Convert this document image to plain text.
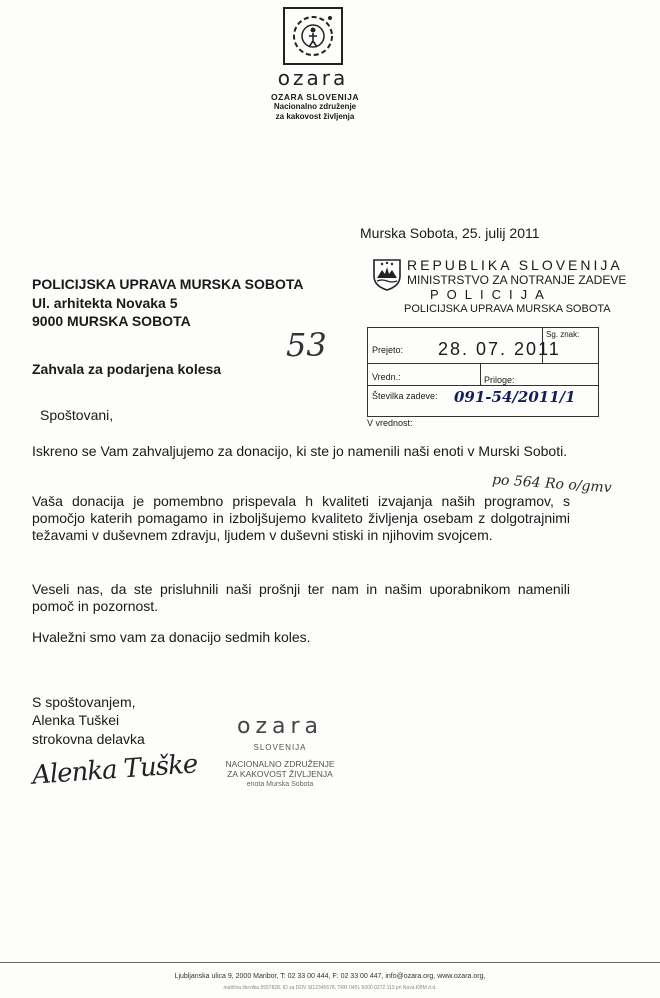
ozara
OZARA SLOVENIJA
Nacionalno združenje
za kakovost življenja
Murska Sobota, 25. julij 2011
POLICIJSKA UPRAVA MURSKA SOBOTA
Ul. arhitekta Novaka 5
9000 MURSKA SOBOTA
Zahvala za podarjena kolesa
REPUBLIKA SLOVENIJA
MINISTRSTVO ZA NOTRANJE ZADEVE
POLICIJA
POLICIJSKA UPRAVA MURSKA SOBOTA
Prejeto: 28. 07. 2011
Sg. znak:
Vredn.:	Priloge:
Številka zadeve: 091-54/2011/1
V vrednost:
53
po 564 Ro o/gmv
Spoštovani,
Iskreno se Vam zahvaljujemo za donacijo, ki ste jo namenili naši enoti v Murski Soboti.
Vaša donacija je pomembno prispevala h kvaliteti izvajanja naših programov, s pomočjo katerih pomagamo in izboljšujemo kvaliteto življenja osebam z dolgotrajnimi težavami v duševnem zdravju, ljudem v duševni stiski in njihovim svojcem.
Veseli nas, da ste prisluhnili naši prošnji ter nam in našim uporabnikom namenili pomoč in pozornost.
Hvaležni smo vam za donacijo sedmih koles.
S spoštovanjem,
Alenka Tuškei
strokovna delavka
Alenka Tuške
ozara
SLOVENIJA
NACIONALNO ZDRUŽENJE
ZA KAKOVOST ŽIVLJENJA
enota Murska Sobota
Ljubljanska ulica 9, 2000 Maribor, T: 02 33 00 444, F: 02 33 00 447, info@ozara.org, www.ozara.org,
matična številka 5557828, ID za DDV SI12345678, TRR 0451 5000 0272 113 pri Nova KBM d.d.
